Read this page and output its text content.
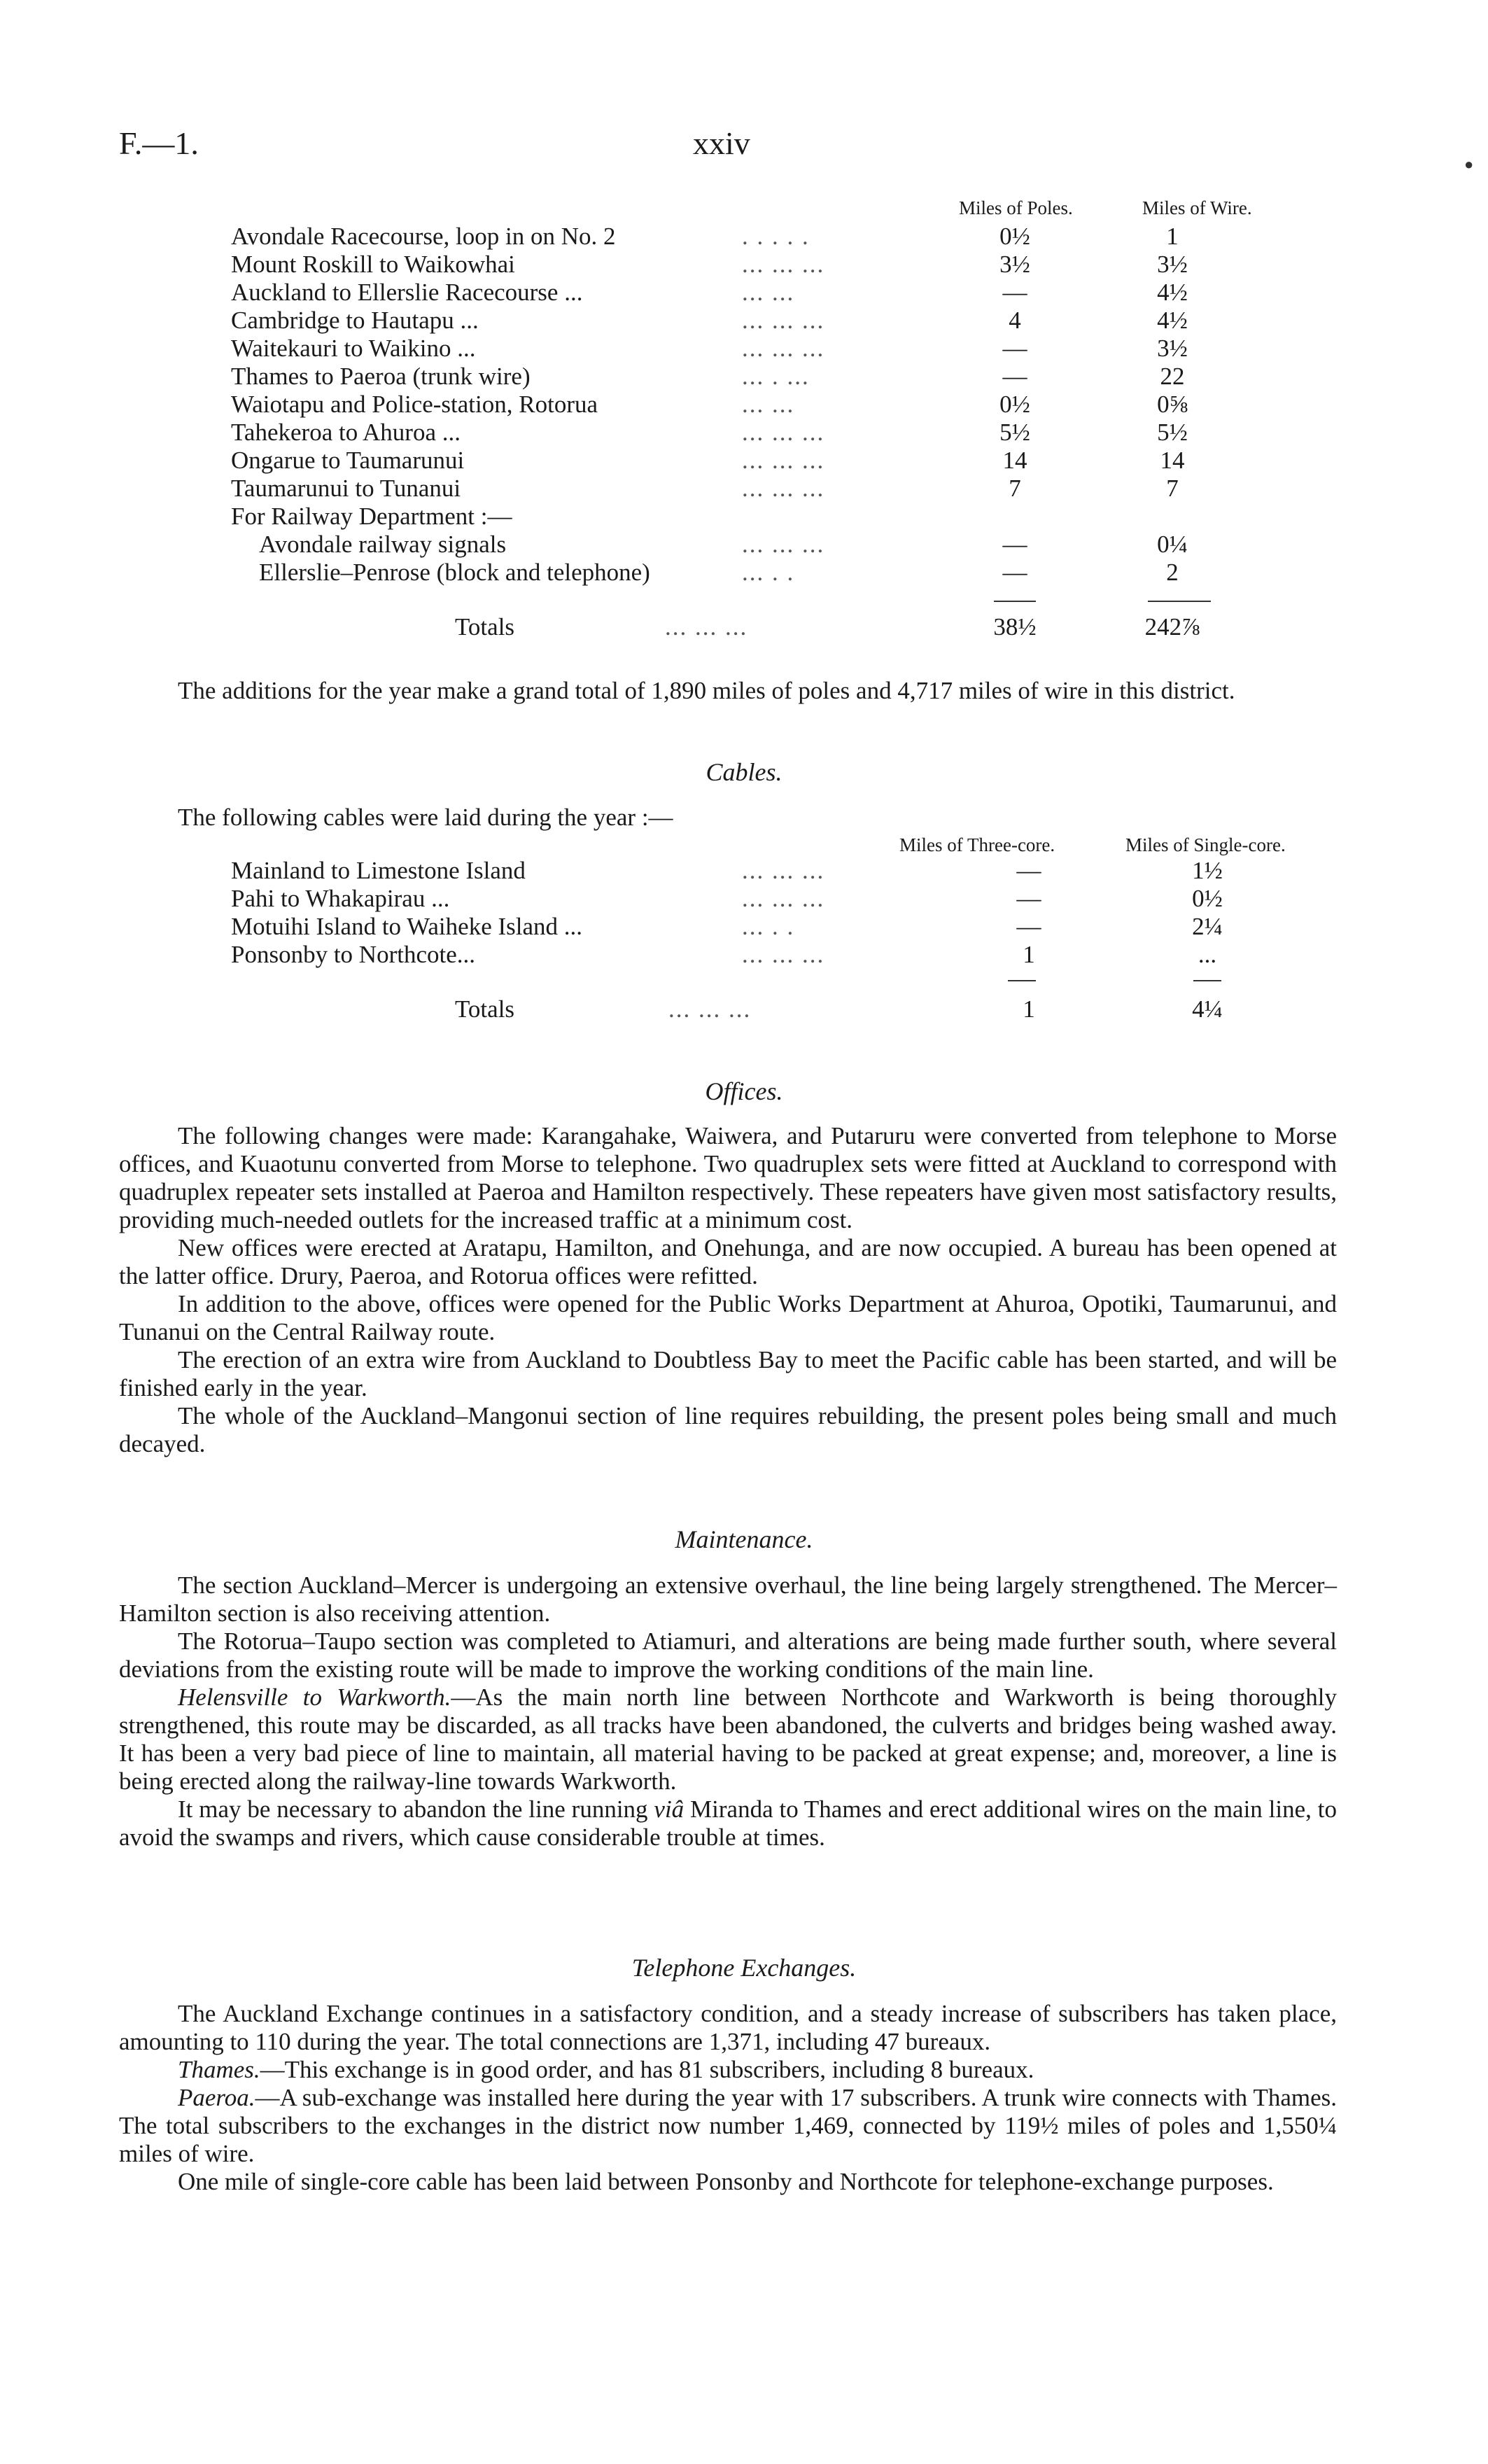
F.—1.	xxiv
Miles of Poles.	Miles of Wire.
Avondale Racecourse, loop in on No. 2	. . . . .	0½	1
Mount Roskill to Waikowhai	... ... ...	3½	3½
Auckland to Ellerslie Racecourse ...	... ...	—	4½
Cambridge to Hautapu ...	... ... ...	4	4½
Waitekauri to Waikino ...	... ... ...	—	3½
Thames to Paeroa (trunk wire)	... . ...	—	22
Waiotapu and Police-station, Rotorua	... ...	0½	0⅝
Tahekeroa to Ahuroa ...	... ... ...	5½	5½
Ongarue to Taumarunui	... ... ...	14	14
Taumarunui to Tunanui	... ... ...	7	7
For Railway Department :—
Avondale railway signals	... ... ...	—	0¼
Ellerslie–Penrose (block and telephone)	... . .	—	2
Totals	... ... ...	38½	242⅞

The additions for the year make a grand total of 1,890 miles of poles and 4,717 miles of wire in this district.

Cables.
The following cables were laid during the year :—
Miles of Three-core.	Miles of Single-core.
Mainland to Limestone Island	... ... ...	—	1½
Pahi to Whakapirau ...	... ... ...	—	0½
Motuihi Island to Waiheke Island ...	... . .	—	2¼
Ponsonby to Northcote...	... ... ...	1	...
Totals	... ... ...	1	4¼
Offices.

The following changes were made: Karangahake, Waiwera, and Putaruru were converted from telephone to Morse offices, and Kuaotunu converted from Morse to telephone. Two quadruplex sets were fitted at Auckland to correspond with quadruplex repeater sets installed at Paeroa and Hamilton respectively. These repeaters have given most satisfactory results, providing much-needed outlets for the increased traffic at a minimum cost.

New offices were erected at Aratapu, Hamilton, and Onehunga, and are now occupied. A bureau has been opened at the latter office. Drury, Paeroa, and Rotorua offices were refitted.

In addition to the above, offices were opened for the Public Works Department at Ahuroa, Opotiki, Taumarunui, and Tunanui on the Central Railway route.

The erection of an extra wire from Auckland to Doubtless Bay to meet the Pacific cable has been started, and will be finished early in the year.

The whole of the Auckland–Mangonui section of line requires rebuilding, the present poles being small and much decayed.

Maintenance.

The section Auckland–Mercer is undergoing an extensive overhaul, the line being largely strengthened. The Mercer–Hamilton section is also receiving attention.

The Rotorua–Taupo section was completed to Atiamuri, and alterations are being made further south, where several deviations from the existing route will be made to improve the working conditions of the main line.

Helensville to Warkworth.—As the main north line between Northcote and Warkworth is being thoroughly strengthened, this route may be discarded, as all tracks have been abandoned, the culverts and bridges being washed away. It has been a very bad piece of line to maintain, all material having to be packed at great expense; and, moreover, a line is being erected along the railway-line towards Warkworth.

It may be necessary to abandon the line running viâ Miranda to Thames and erect additional wires on the main line, to avoid the swamps and rivers, which cause considerable trouble at times.

Telephone Exchanges.

The Auckland Exchange continues in a satisfactory condition, and a steady increase of subscribers has taken place, amounting to 110 during the year. The total connections are 1,371, including 47 bureaux.

Thames.—This exchange is in good order, and has 81 subscribers, including 8 bureaux.

Paeroa.—A sub-exchange was installed here during the year with 17 subscribers. A trunk wire connects with Thames. The total subscribers to the exchanges in the district now number 1,469, connected by 119½ miles of poles and 1,550¼ miles of wire.

One mile of single-core cable has been laid between Ponsonby and Northcote for telephone-exchange purposes.

●
